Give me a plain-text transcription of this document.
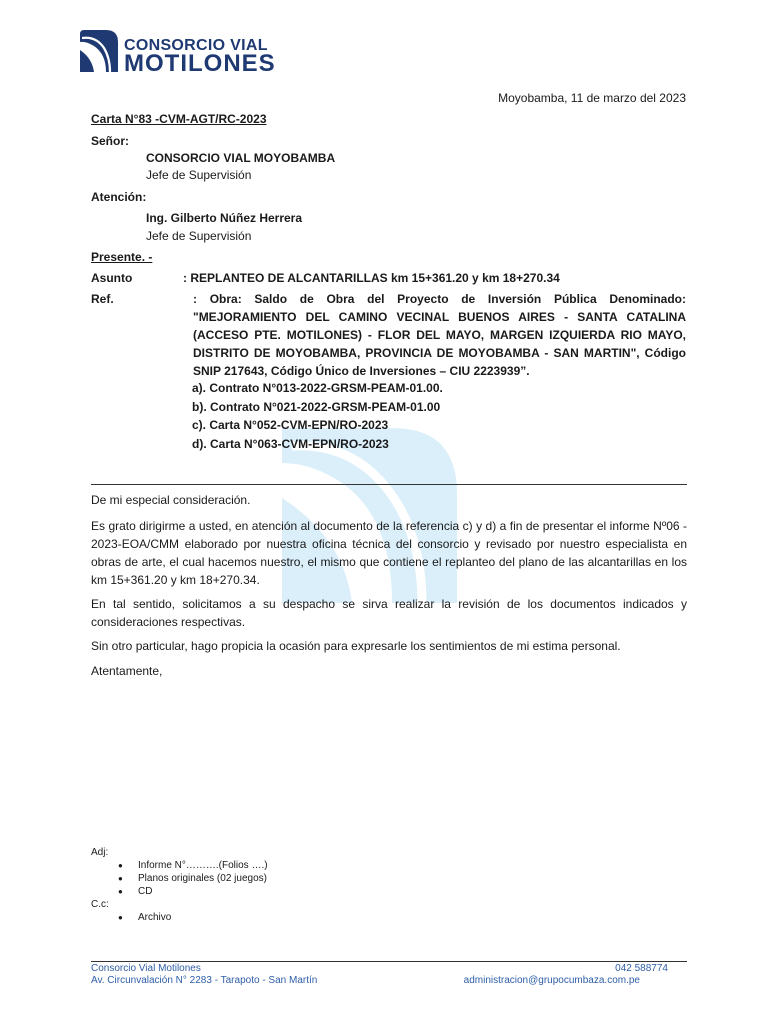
CONSORCIO VIAL
MOTILONES
Moyobamba, 11 de marzo del 2023
Carta N°83 -CVM-AGT/RC-2023
Señor:
CONSORCIO VIAL MOYOBAMBA
Jefe de Supervisión
Atención:
Ing. Gilberto Núñez Herrera
Jefe de Supervisión
Presente. -
Asunto	: REPLANTEO DE ALCANTARILLAS km 15+361.20 y km 18+270.34
Ref.	: Obra: Saldo de Obra del Proyecto de Inversión Pública Denominado: "MEJORAMIENTO DEL CAMINO VECINAL BUENOS AIRES - SANTA CATALINA (ACCESO PTE. MOTILONES) - FLOR DEL MAYO, MARGEN IZQUIERDA RIO MAYO, DISTRITO DE MOYOBAMBA, PROVINCIA DE MOYOBAMBA - SAN MARTIN", Código SNIP 217643, Código Único de Inversiones – CIU 2223939”.
a). Contrato N°013-2022-GRSM-PEAM-01.00.
b). Contrato N°021-2022-GRSM-PEAM-01.00
c). Carta N°052-CVM-EPN/RO-2023
d). Carta N°063-CVM-EPN/RO-2023
De mi especial consideración.
Es grato dirigirme a usted, en atención al documento de la referencia c) y d) a fin de presentar el informe Nº06 - 2023-EOA/CMM elaborado por nuestra oficina técnica del consorcio y revisado por nuestro especialista en obras de arte, el cual hacemos nuestro, el mismo que contiene el replanteo del plano de las alcantarillas en los km 15+361.20 y km 18+270.34.
En tal sentido, solicitamos a su despacho se sirva realizar la revisión de los documentos indicados y consideraciones respectivas.
Sin otro particular, hago propicia la ocasión para expresarle los sentimientos de mi estima personal.
Atentamente,
Adj:
● Informe N°……….(Folios ….)
● Planos originales (02 juegos)
● CD
C.c:
● Archivo
Consorcio Vial Motilones
Av. Circunvalación N° 2283 - Tarapoto - San Martín
042 588774
administracion@grupocumbaza.com.pe
